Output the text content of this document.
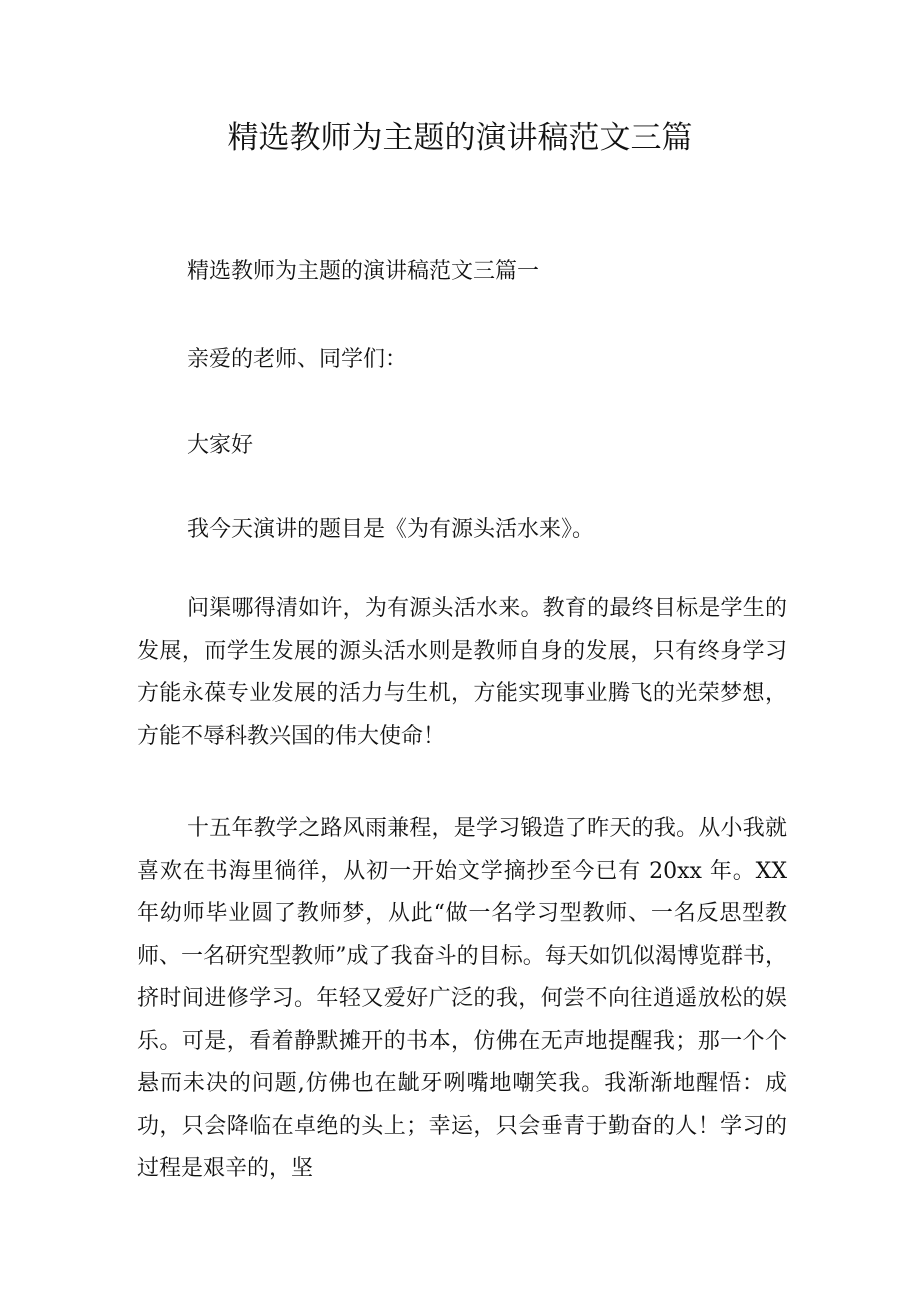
精选教师为主题的演讲稿范文三篇
精选教师为主题的演讲稿范文三篇一
亲爱的老师、同学们：
大家好
我今天演讲的题目是《为有源头活水来》。
问渠哪得清如许，为有源头活水来。教育的最终目标是学生的发展，而学生发展的源头活水则是教师自身的发展，只有终身学习方能永葆专业发展的活力与生机，方能实现事业腾飞的光荣梦想，方能不辱科教兴国的伟大使命！
十五年教学之路风雨兼程，是学习锻造了昨天的我。从小我就喜欢在书海里徜徉，从初一开始文学摘抄至今已有 20xx 年。XX 年幼师毕业圆了教师梦，从此“做一名学习型教师、一名反思型教师、一名研究型教师”成了我奋斗的目标。每天如饥似渴博览群书，挤时间进修学习。年轻又爱好广泛的我，何尝不向往逍遥放松的娱乐。可是，看着静默摊开的书本，仿佛在无声地提醒我；那一个个悬而未决的问题,仿佛也在龇牙咧嘴地嘲笑我。我渐渐地醒悟：成功，只会降临在卓绝的头上；幸运，只会垂青于勤奋的人！学习的过程是艰辛的，坚
